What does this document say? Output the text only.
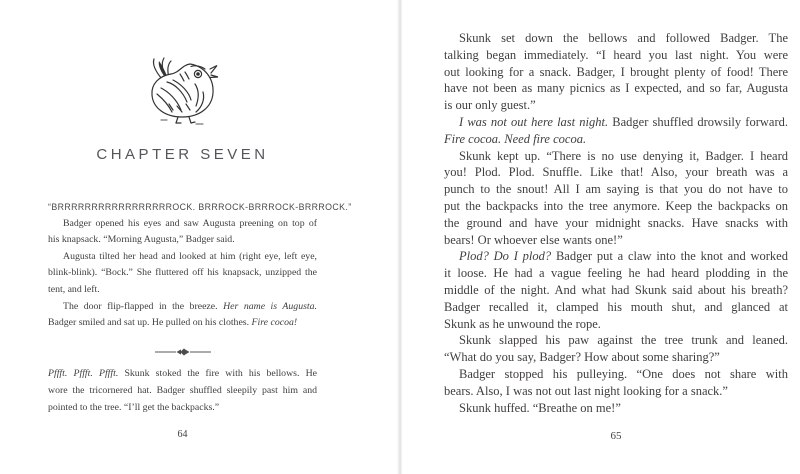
CHAPTER SEVEN
“BRRRRRRRRRRRRRRRRROCK. BRRROCK-BRRROCK-BRRROCK.”
Badger opened his eyes and saw Augusta preening on top of
his knapsack. “Morning Augusta,” Badger said.
Augusta tilted her head and looked at him (right eye, left eye,
blink-blink). “Bock.” She fluttered off his knapsack, unzipped the
tent, and left.
The door flip-flapped in the breeze. Her name is Augusta.
Badger smiled and sat up. He pulled on his clothes. Fire cocoa!
Pffft. Pffft. Pffft. Skunk stoked the fire with his bellows. He
wore the tricornered hat. Badger shuffled sleepily past him and
pointed to the tree. “I’ll get the backpacks.”
64
Skunk set down the bellows and followed Badger. The
talking began immediately. “I heard you last night. You were
out looking for a snack. Badger, I brought plenty of food! There
have not been as many picnics as I expected, and so far, Augusta
is our only guest.”
I was not out here last night. Badger shuffled drowsily forward.
Fire cocoa. Need fire cocoa.
Skunk kept up. “There is no use denying it, Badger. I heard
you! Plod. Plod. Snuffle. Like that! Also, your breath was a
punch to the snout! All I am saying is that you do not have to
put the backpacks into the tree anymore. Keep the backpacks on
the ground and have your midnight snacks. Have snacks with
bears! Or whoever else wants one!”
Plod? Do I plod? Badger put a claw into the knot and worked
it loose. He had a vague feeling he had heard plodding in the
middle of the night. And what had Skunk said about his breath?
Badger recalled it, clamped his mouth shut, and glanced at
Skunk as he unwound the rope.
Skunk slapped his paw against the tree trunk and leaned.
“What do you say, Badger? How about some sharing?”
Badger stopped his pulleying. “One does not share with
bears. Also, I was not out last night looking for a snack.”
Skunk huffed. “Breathe on me!”
65
